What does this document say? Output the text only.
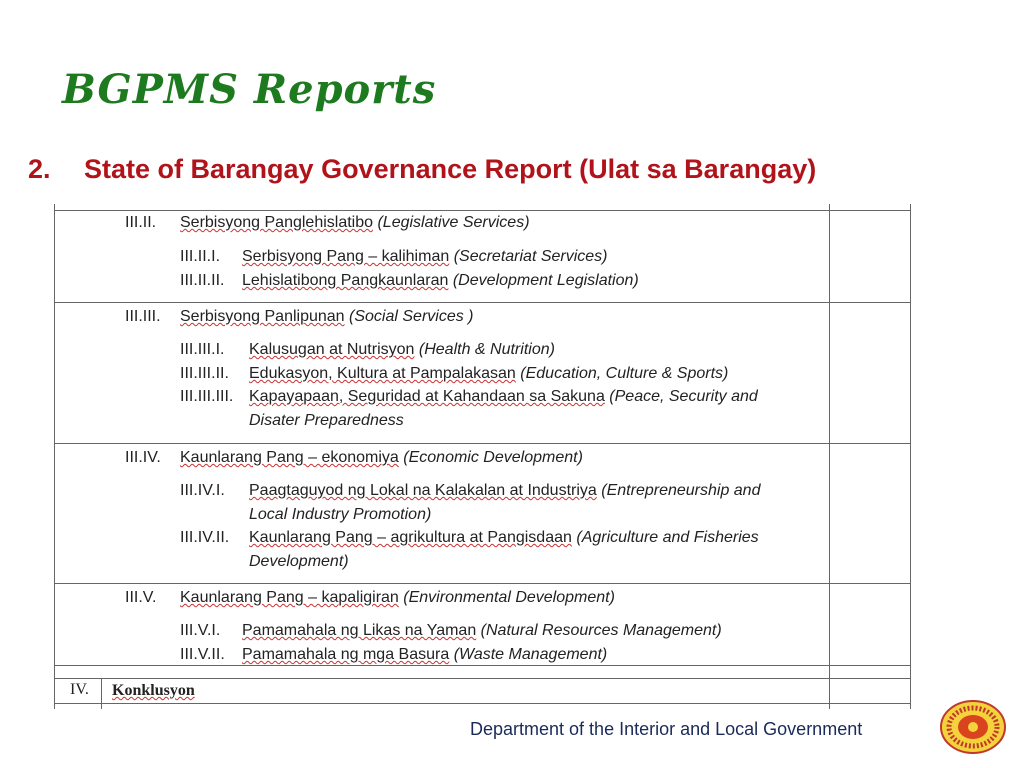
BGPMS Reports
2. State of Barangay Governance Report (Ulat sa Barangay)
III.II. Serbisyong Panglehislatibo (Legislative Services)
III.II.I. Serbisyong Pang – kalihiman (Secretariat Services)
III.II.II. Lehislatibong Pangkaunlaran (Development Legislation)
III.III. Serbisyong Panlipunan (Social Services )
III.III.I. Kalusugan at Nutrisyon (Health & Nutrition)
III.III.II. Edukasyon, Kultura at Pampalakasan (Education, Culture & Sports)
III.III.III. Kapayapaan, Seguridad at Kahandaan sa Sakuna (Peace, Security and
Disater Preparedness
III.IV. Kaunlarang Pang – ekonomiya (Economic Development)
III.IV.I. Paagtaguyod ng Lokal na Kalakalan at Industriya (Entrepreneurship and
Local Industry Promotion)
III.IV.II. Kaunlarang Pang – agrikultura at Pangisdaan (Agriculture and Fisheries
Development)
III.V. Kaunlarang Pang – kapaligiran (Environmental Development)
III.V.I. Pamamahala ng Likas na Yaman (Natural Resources Management)
III.V.II. Pamamahala ng mga Basura (Waste Management)
IV. Konklusyon
Department of the Interior and Local Government
